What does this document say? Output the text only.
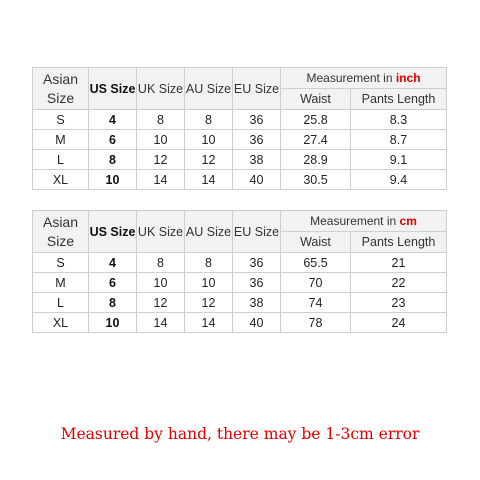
Asian Size	US Size	UK Size	AU Size	EU Size	Measurement in inch	
					Waist	Pants Length
S	4	8	8	36	25.8	8.3
M	6	10	10	36	27.4	8.7
L	8	12	12	38	28.9	9.1
XL	10	14	14	40	30.5	9.4
Asian Size	US Size	UK Size	AU Size	EU Size	Measurement in cm	
					Waist	Pants Length
S	4	8	8	36	65.5	21
M	6	10	10	36	70	22
L	8	12	12	38	74	23
XL	10	14	14	40	78	24
Measured by hand, there may be 1-3cm error
